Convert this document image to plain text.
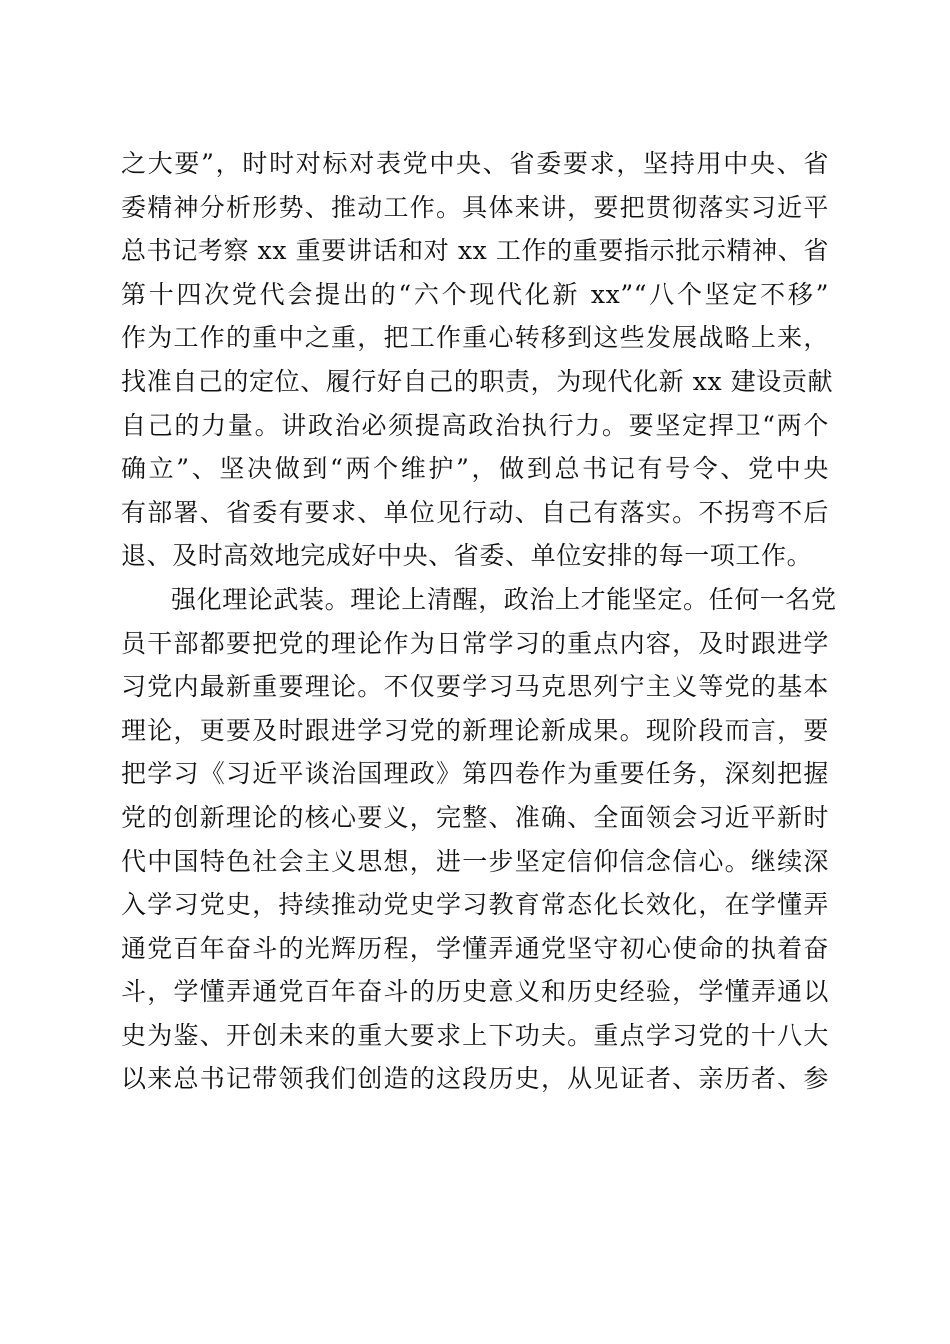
之大要”，时时对标对表党中央、省委要求，坚持用中央、省
委精神分析形势、推动工作。具体来讲，要把贯彻落实习近平
总书记考察 xx 重要讲话和对 xx 工作的重要指示批示精神、省
第十四次党代会提出的“六个现代化新 xx”“八个坚定不移”
作为工作的重中之重，把工作重心转移到这些发展战略上来，
找准自己的定位、履行好自己的职责，为现代化新 xx 建设贡献
自己的力量。讲政治必须提高政治执行力。要坚定捍卫“两个
确立”、坚决做到“两个维护”，做到总书记有号令、党中央
有部署、省委有要求、单位见行动、自己有落实。不拐弯不后
退、及时高效地完成好中央、省委、单位安排的每一项工作。
强化理论武装。理论上清醒，政治上才能坚定。任何一名党
员干部都要把党的理论作为日常学习的重点内容，及时跟进学
习党内最新重要理论。不仅要学习马克思列宁主义等党的基本
理论，更要及时跟进学习党的新理论新成果。现阶段而言，要
把学习《习近平谈治国理政》第四卷作为重要任务，深刻把握
党的创新理论的核心要义，完整、准确、全面领会习近平新时
代中国特色社会主义思想，进一步坚定信仰信念信心。继续深
入学习党史，持续推动党史学习教育常态化长效化，在学懂弄
通党百年奋斗的光辉历程，学懂弄通党坚守初心使命的执着奋
斗，学懂弄通党百年奋斗的历史意义和历史经验，学懂弄通以
史为鉴、开创未来的重大要求上下功夫。重点学习党的十八大
以来总书记带领我们创造的这段历史，从见证者、亲历者、参
